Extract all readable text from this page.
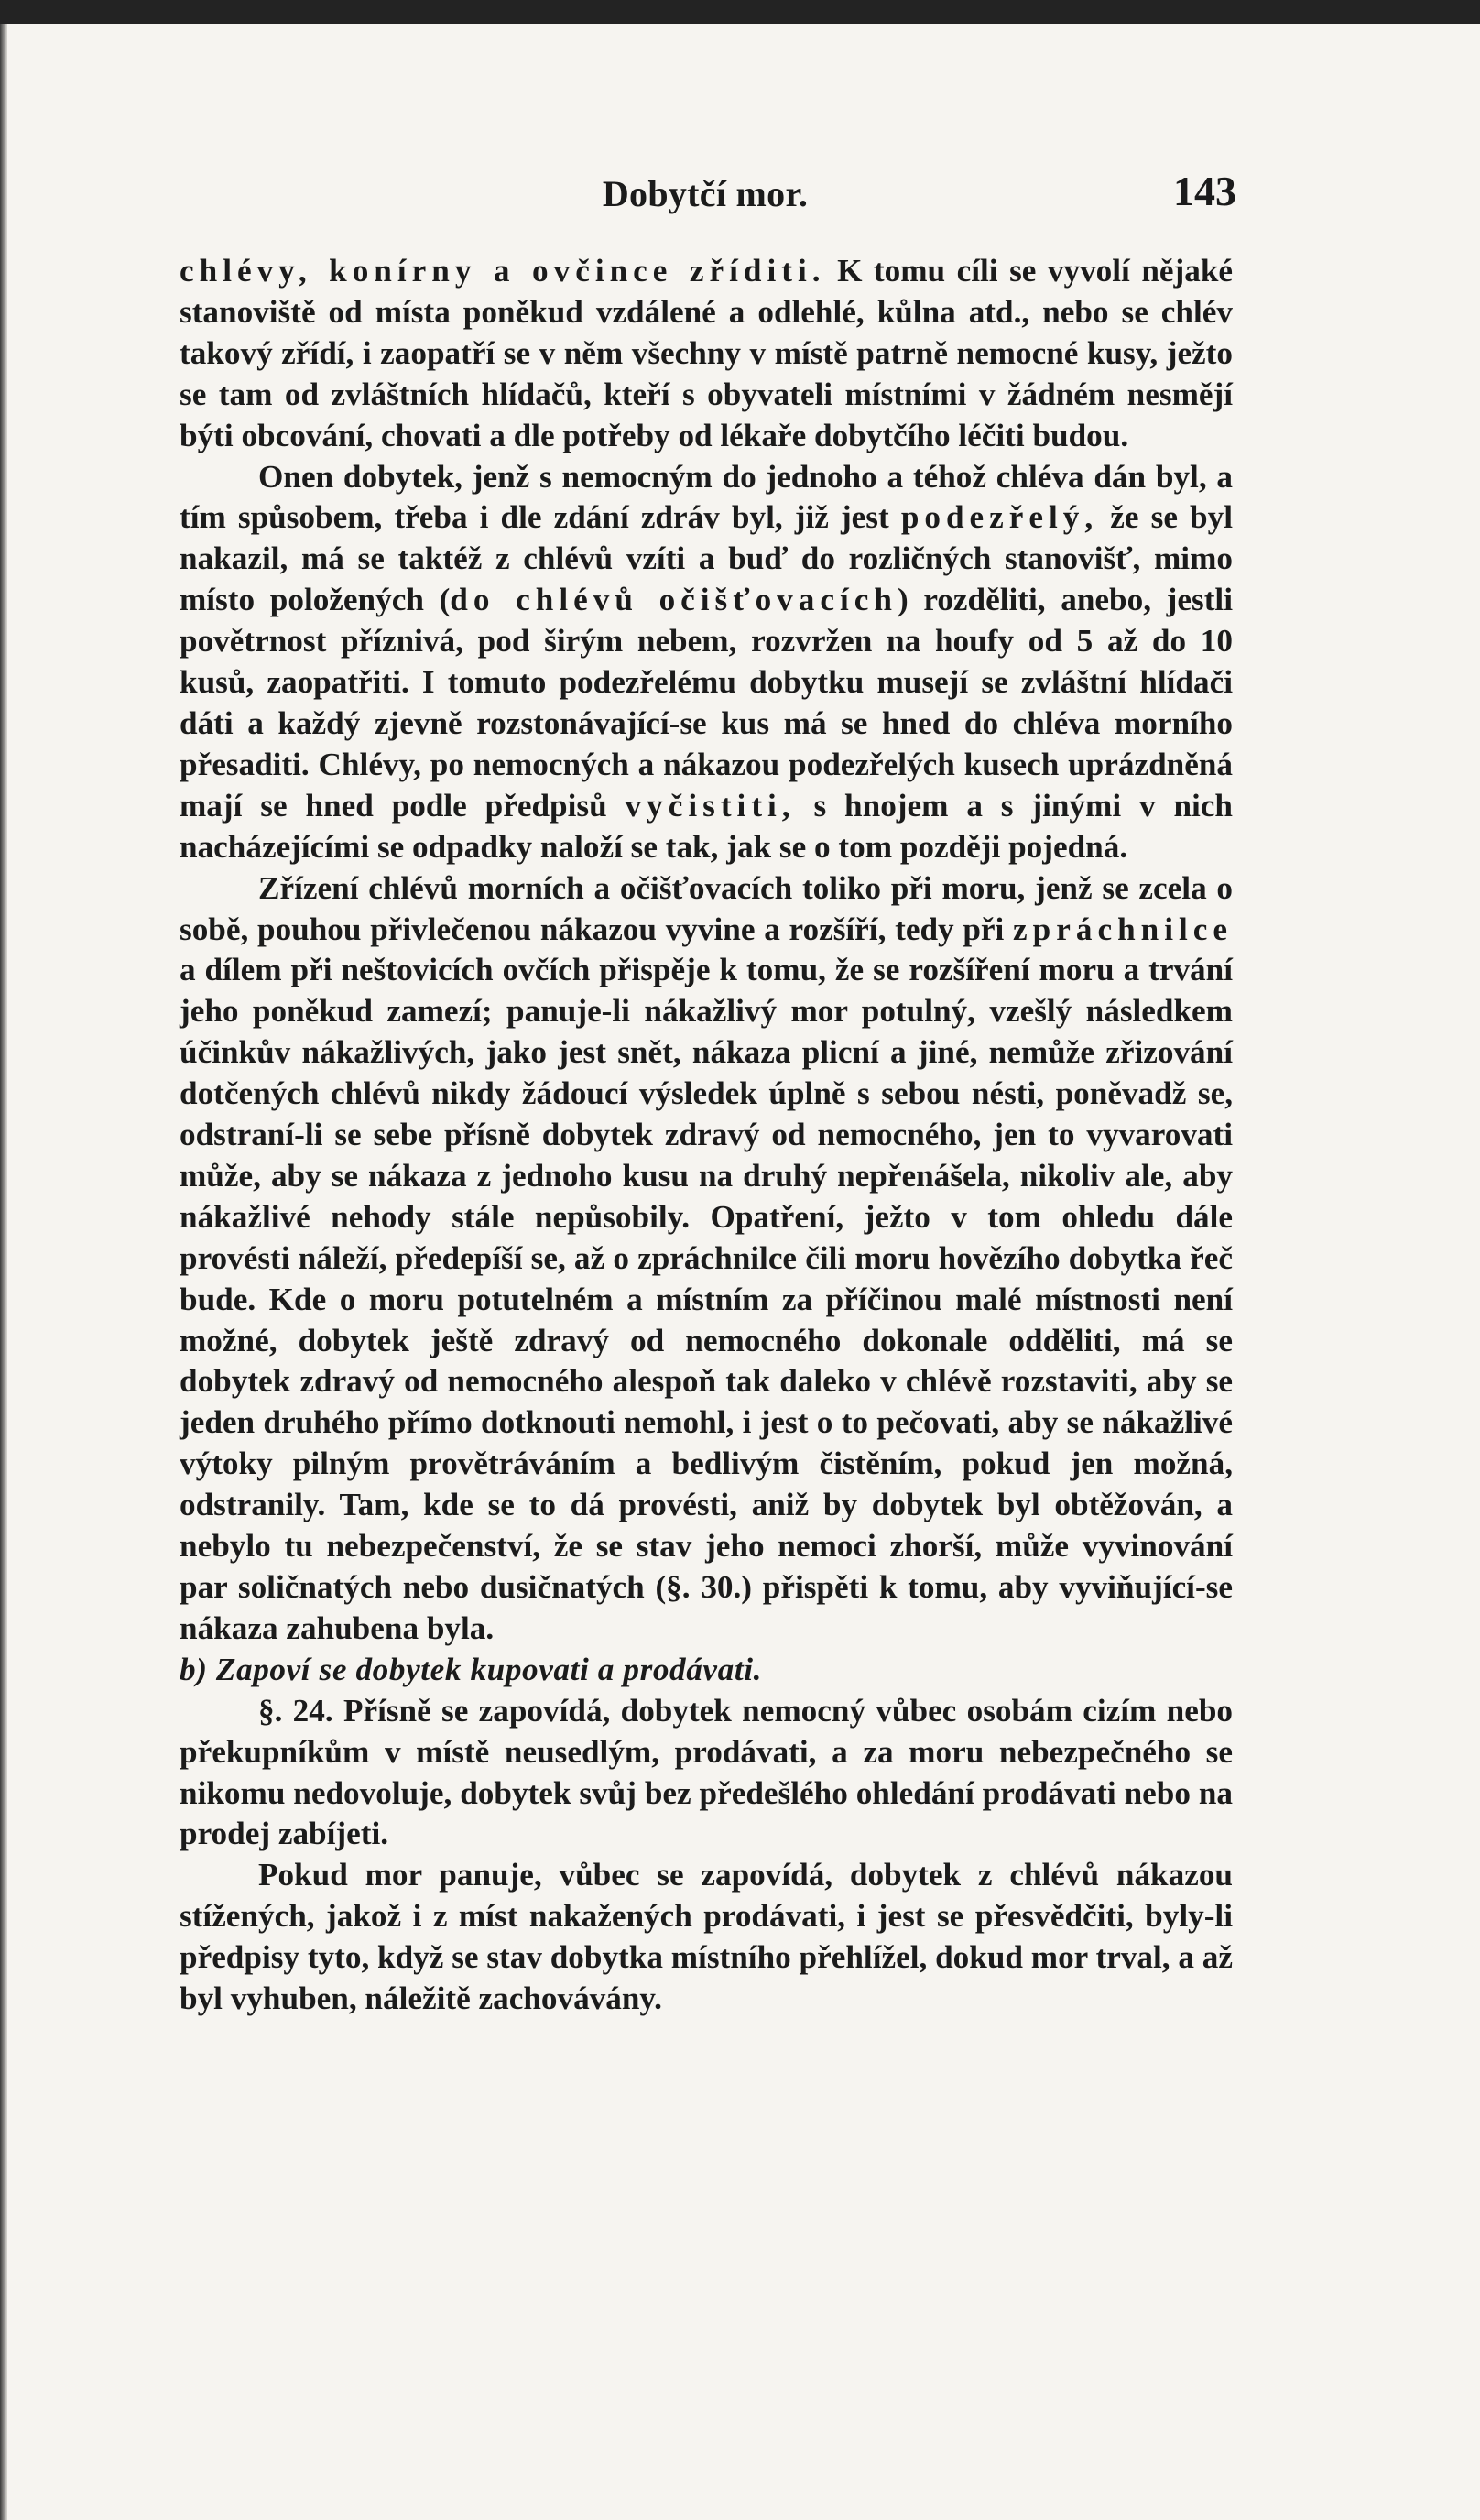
Dobytčí mor.	143

chlévy, konírny a ovčince zříditi. K tomu cíli se vyvolí nějaké stanoviště od místa poněkud vzdálené a odlehlé, kůlna atd., nebo se chlév takový zřídí, i zaopatří se v něm všechny v místě patrně nemocné kusy, ježto se tam od zvláštních hlídačů, kteří s obyvateli místními v žádném nesmějí býti obcování, chovati a dle potřeby od lékaře dobytčího léčiti budou.

Onen dobytek, jenž s nemocným do jednoho a téhož chléva dán byl, a tím spůsobem, třeba i dle zdání zdráv byl, již jest podezřelý, že se byl nakazil, má se taktéž z chlévů vzíti a buď do rozličných stanovišť, mimo místo položených (do chlévů očišťovacích) rozděliti, anebo, jestli povětrnost příznivá, pod širým nebem, rozvržen na houfy od 5 až do 10 kusů, zaopatřiti. I tomuto podezřelému dobytku musejí se zvláštní hlídači dáti a každý zjevně rozstonávající-se kus má se hned do chléva morního přesaditi. Chlévy, po nemocných a nákazou podezřelých kusech uprázdněná mají se hned podle předpisů vyčistiti, s hnojem a s jinými v nich nacházejícími se odpadky naloží se tak, jak se o tom později pojedná.

Zřízení chlévů morních a očišťovacích toliko při moru, jenž se zcela o sobě, pouhou přivlečenou nákazou vyvine a rozšíří, tedy při zpráchnilce a dílem při neštovicích ovčích přispěje k tomu, že se rozšíření moru a trvání jeho poněkud zamezí; panuje-li nákažlivý mor potulný, vzešlý následkem účinkův nákažlivých, jako jest snět, nákaza plicní a jiné, nemůže zřizování dotčených chlévů nikdy žádoucí výsledek úplně s sebou nésti, poněvadž se, odstraní-li se sebe přísně dobytek zdravý od nemocného, jen to vyvarovati může, aby se nákaza z jednoho kusu na druhý nepřenášela, nikoliv ale, aby nákažlivé nehody stále nepůsobily. Opatření, ježto v tom ohledu dále provésti náleží, předepíší se, až o zpráchnilce čili moru hovězího dobytka řeč bude. Kde o moru potutelném a místním za příčinou malé místnosti není možné, dobytek ještě zdravý od nemocného dokonale odděliti, má se dobytek zdravý od nemocného alespoň tak daleko v chlévě rozstaviti, aby se jeden druhého přímo dotknouti nemohl, i jest o to pečovati, aby se nákažlivé výtoky pilným provětráváním a bedlivým čistěním, pokud jen možná, odstranily. Tam, kde se to dá provésti, aniž by dobytek byl obtěžován, a nebylo tu nebezpečenství, že se stav jeho nemoci zhorší, může vyvinování par soličnatých nebo dusičnatých (§. 30.) přispěti k tomu, aby vyviňující-se nákaza zahubena byla.

b) Zapoví se dobytek kupovati a prodávati.

§. 24. Přísně se zapovídá, dobytek nemocný vůbec osobám cizím nebo překupníkům v místě neusedlým, prodávati, a za moru nebezpečného se nikomu nedovoluje, dobytek svůj bez předešlého ohledání prodávati nebo na prodej zabíjeti.

Pokud mor panuje, vůbec se zapovídá, dobytek z chlévů nákazou stížených, jakož i z míst nakažených prodávati, i jest se přesvědčiti, byly-li předpisy tyto, když se stav dobytka místního přehlížel, dokud mor trval, a až byl vyhuben, náležitě zachovávány.
